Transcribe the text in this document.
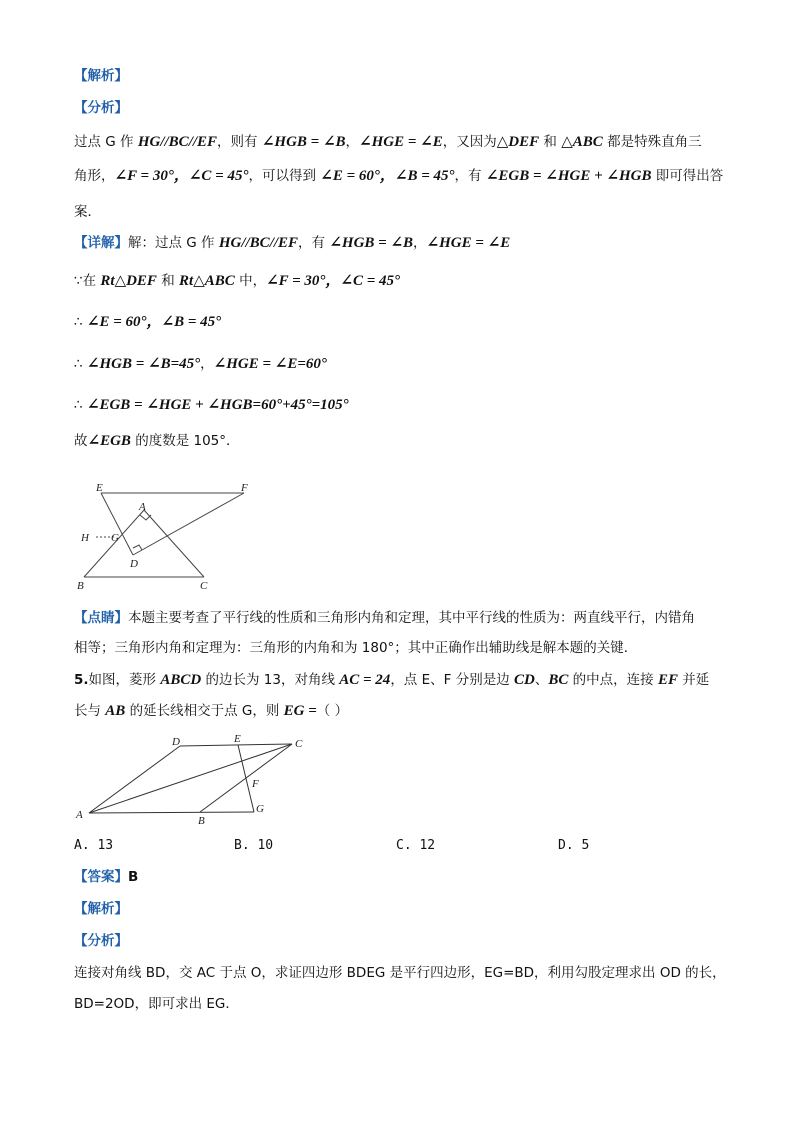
【解析】
【分析】
过点 G 作 HG//BC//EF，则有 ∠HGB = ∠B，∠HGE = ∠E，又因为△DEF 和 △ABC 都是特殊直角三
角形，∠F = 30°，∠C = 45°，可以得到 ∠E = 60°，∠B = 45°，有 ∠EGB = ∠HGE + ∠HGB 即可得出答
案．
【详解】解：过点 G 作 HG//BC//EF，有 ∠HGB = ∠B，∠HGE = ∠E
∵在 Rt△DEF 和 Rt△ABC 中，∠F = 30°，∠C = 45°
∴ ∠E = 60°，∠B = 45°
∴ ∠HGB = ∠B=45°，∠HGE = ∠E=60°
∴ ∠EGB = ∠HGE + ∠HGB=60°+45°=105°
故∠EGB 的度数是 105°．
E	F
A
H G
D
B	C
【点睛】本题主要考查了平行线的性质和三角形内角和定理，其中平行线的性质为：两直线平行，内错角
相等；三角形内角和定理为：三角形的内角和为 180°；其中正确作出辅助线是解本题的关键．
5.如图，菱形 ABCD 的边长为 13，对角线 AC = 24，点 E、F 分别是边 CD、BC 的中点，连接 EF 并延
长与 AB 的延长线相交于点 G，则 EG =（ ）
D	E	C
F
A	B
G
A. 13	B. 10	C. 12	D. 5
【答案】B
【解析】
【分析】
连接对角线 BD，交 AC 于点 O，求证四边形 BDEG 是平行四边形，EG=BD，利用勾股定理求出 OD 的长，
BD=2OD，即可求出 EG．
